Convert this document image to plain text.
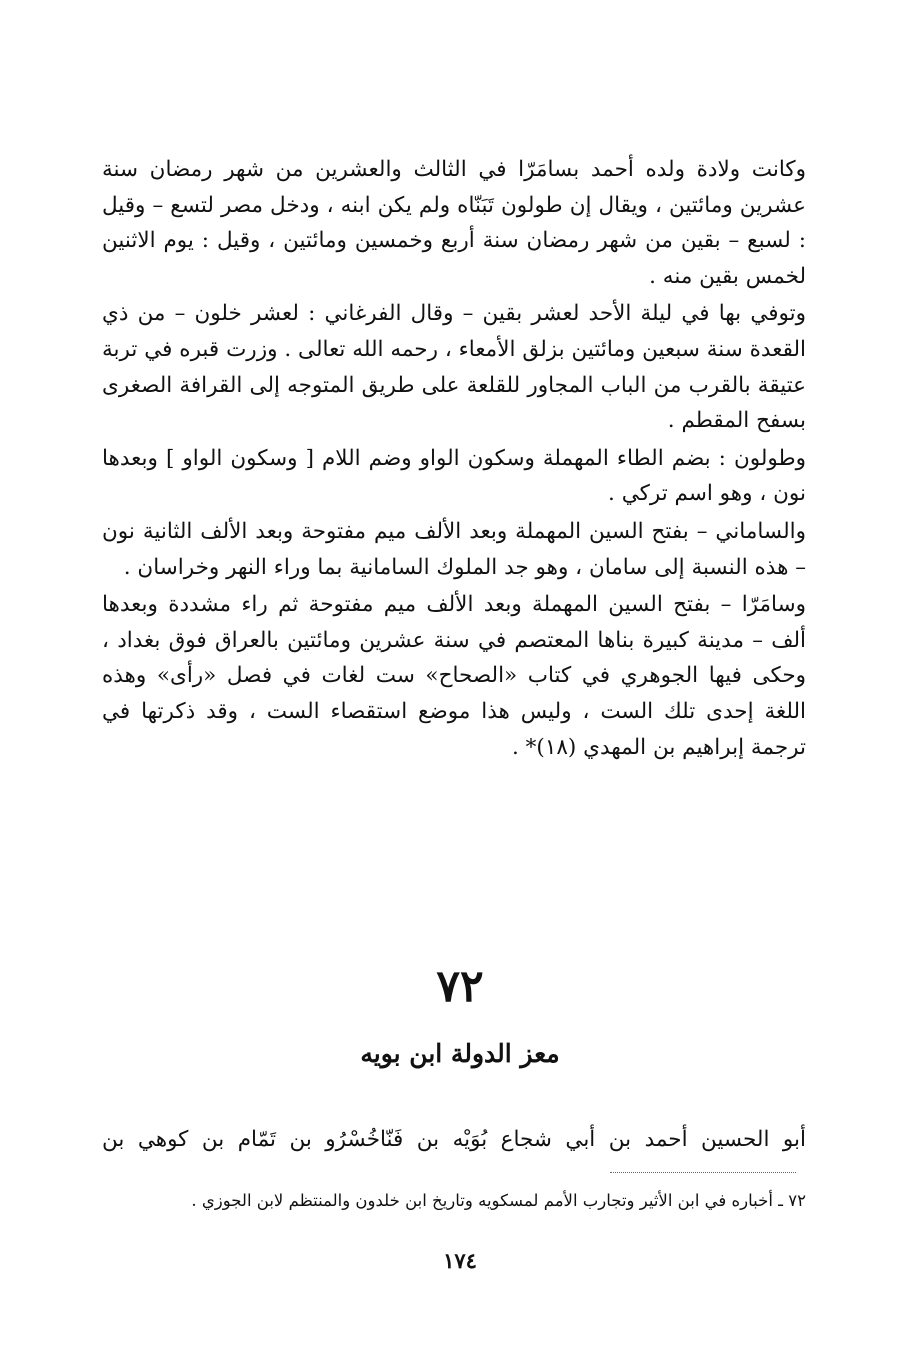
وكانت ولادة ولده أحمد بسامَرّا في الثالث والعشرين من شهر رمضان سنة عشرين ومائتين ، ويقال إن طولون تَبَنّاه ولم يكن ابنه ، ودخل مصر لتسع – وقيل : لسبع – بقين من شهر رمضان سنة أربع وخمسين ومائتين ، وقيل : يوم الاثنين لخمس بقين منه .

وتوفي بها في ليلة الأحد لعشر بقين – وقال الفرغاني : لعشر خلون – من ذي القعدة سنة سبعين ومائتين بزلق الأمعاء ، رحمه الله تعالى . وزرت قبره في تربة عتيقة بالقرب من الباب المجاور للقلعة على طريق المتوجه إلى القرافة الصغرى بسفح المقطم .

وطولون : بضم الطاء المهملة وسكون الواو وضم اللام [ وسكون الواو ] وبعدها نون ، وهو اسم تركي .

والساماني – بفتح السين المهملة وبعد الألف ميم مفتوحة وبعد الألف الثانية نون – هذه النسبة إلى سامان ، وهو جد الملوك السامانية بما وراء النهر وخراسان .

وسامَرّا – بفتح السين المهملة وبعد الألف ميم مفتوحة ثم راء مشددة وبعدها ألف – مدينة كبيرة بناها المعتصم في سنة عشرين ومائتين بالعراق فوق بغداد ، وحكى فيها الجوهري في كتاب «الصحاح» ست لغات في فصل «رأى» وهذه اللغة إحدى تلك الست ، وليس هذا موضع استقصاء الست ، وقد ذكرتها في ترجمة إبراهيم بن المهدي (١٨)* .

٧٢
معز الدولة ابن بويه
أبو الحسين أحمد بن أبي شجاع بُوَيْه بن فَنّاخُسْرُو بن تَمّام بن كوهي بن
٧٢ ـ أخباره في ابن الأثير وتجارب الأمم لمسكويه وتاريخ ابن خلدون والمنتظم لابن الجوزي .
١٧٤
